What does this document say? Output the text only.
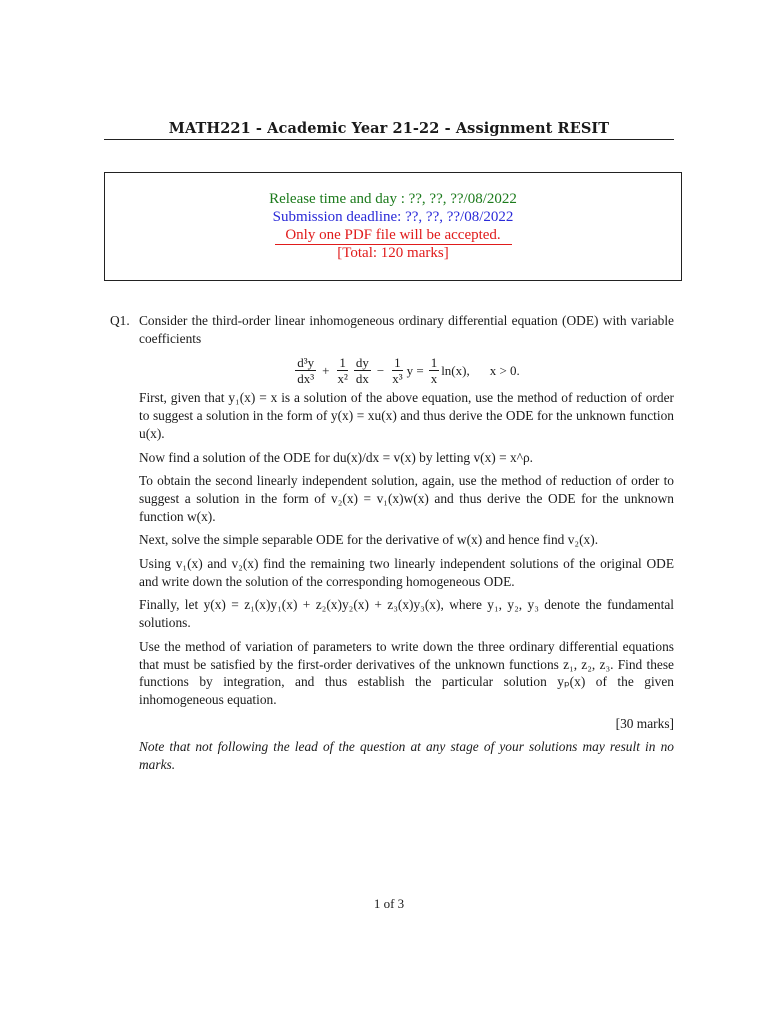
MATH221 - Academic Year 21-22 - Assignment RESIT
Release time and day : ??, ??, ??/08/2022
Submission deadline: ??, ??, ??/08/2022
Only one PDF file will be accepted.
[Total: 120 marks]
Q1. Consider the third-order linear inhomogeneous ordinary differential equation (ODE) with variable coefficients

$\frac{\text{d³y}}{\text{dx³}} + \frac{1}{\text{x²}} \frac{dy}{dx} - \frac{1}{\text{x³}}$ $y = \frac{1}{x} \ln(x)$, x > 0.

First, given that y₁(x) = x is a solution of the above equation, use the method of reduction of order to suggest a solution in the form of y(x) = xu(x) and thus derive the ODE for the unknown function u(x).

Now find a solution of the ODE for du(x)/dx = v(x) by letting v(x) = x^ρ.

To obtain the second linearly independent solution, again, use the method of reduction of order to suggest a solution in the form of v₂(x) = v₁(x)w(x) and thus derive the ODE for the unknown function w(x).

Next, solve the simple separable ODE for the derivative of w(x) and hence find v₂(x).

Using v₁(x) and v₂(x) find the remaining two linearly independent solutions of the original ODE and write down the solution of the corresponding homogeneous ODE.

Finally, let y(x) = z₁(x)y₁(x) + z₂(x)y₂(x) + z₃(x)y₃(x), where y₁, y₂, y₃ denote the fundamental solutions.

Use the method of variation of parameters to write down the three ordinary differential equations that must be satisfied by the first-order derivatives of the unknown functions z₁, z₂, z₃. Find these functions by integration, and thus establish the particular solution yₚ(x) of the given inhomogeneous equation.

[30 marks]

Note that not following the lead of the question at any stage of your solutions may result in no marks.

1 of 3
